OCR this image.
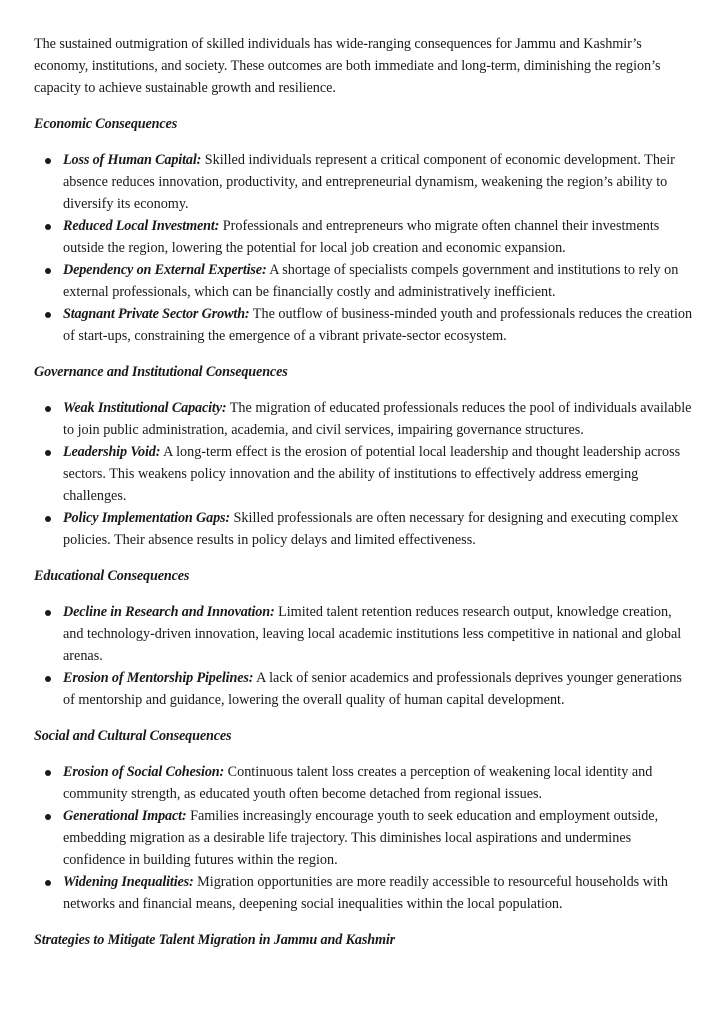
The sustained outmigration of skilled individuals has wide-ranging consequences for Jammu and Kashmir’s economy, institutions, and society. These outcomes are both immediate and long-term, diminishing the region’s capacity to achieve sustainable growth and resilience.

Economic Consequences

Loss of Human Capital: Skilled individuals represent a critical component of economic development. Their absence reduces innovation, productivity, and entrepreneurial dynamism, weakening the region’s ability to diversify its economy.
Reduced Local Investment: Professionals and entrepreneurs who migrate often channel their investments outside the region, lowering the potential for local job creation and economic expansion.
Dependency on External Expertise: A shortage of specialists compels government and institutions to rely on external professionals, which can be financially costly and administratively inefficient.
Stagnant Private Sector Growth: The outflow of business-minded youth and professionals reduces the creation of start-ups, constraining the emergence of a vibrant private-sector ecosystem.

Governance and Institutional Consequences

Weak Institutional Capacity: The migration of educated professionals reduces the pool of individuals available to join public administration, academia, and civil services, impairing governance structures.
Leadership Void: A long-term effect is the erosion of potential local leadership and thought leadership across sectors. This weakens policy innovation and the ability of institutions to effectively address emerging challenges.
Policy Implementation Gaps: Skilled professionals are often necessary for designing and executing complex policies. Their absence results in policy delays and limited effectiveness.

Educational Consequences

Decline in Research and Innovation: Limited talent retention reduces research output, knowledge creation, and technology-driven innovation, leaving local academic institutions less competitive in national and global arenas.
Erosion of Mentorship Pipelines: A lack of senior academics and professionals deprives younger generations of mentorship and guidance, lowering the overall quality of human capital development.

Social and Cultural Consequences

Erosion of Social Cohesion: Continuous talent loss creates a perception of weakening local identity and community strength, as educated youth often become detached from regional issues.
Generational Impact: Families increasingly encourage youth to seek education and employment outside, embedding migration as a desirable life trajectory. This diminishes local aspirations and undermines confidence in building futures within the region.
Widening Inequalities: Migration opportunities are more readily accessible to resourceful households with networks and financial means, deepening social inequalities within the local population.

Strategies to Mitigate Talent Migration in Jammu and Kashmir
